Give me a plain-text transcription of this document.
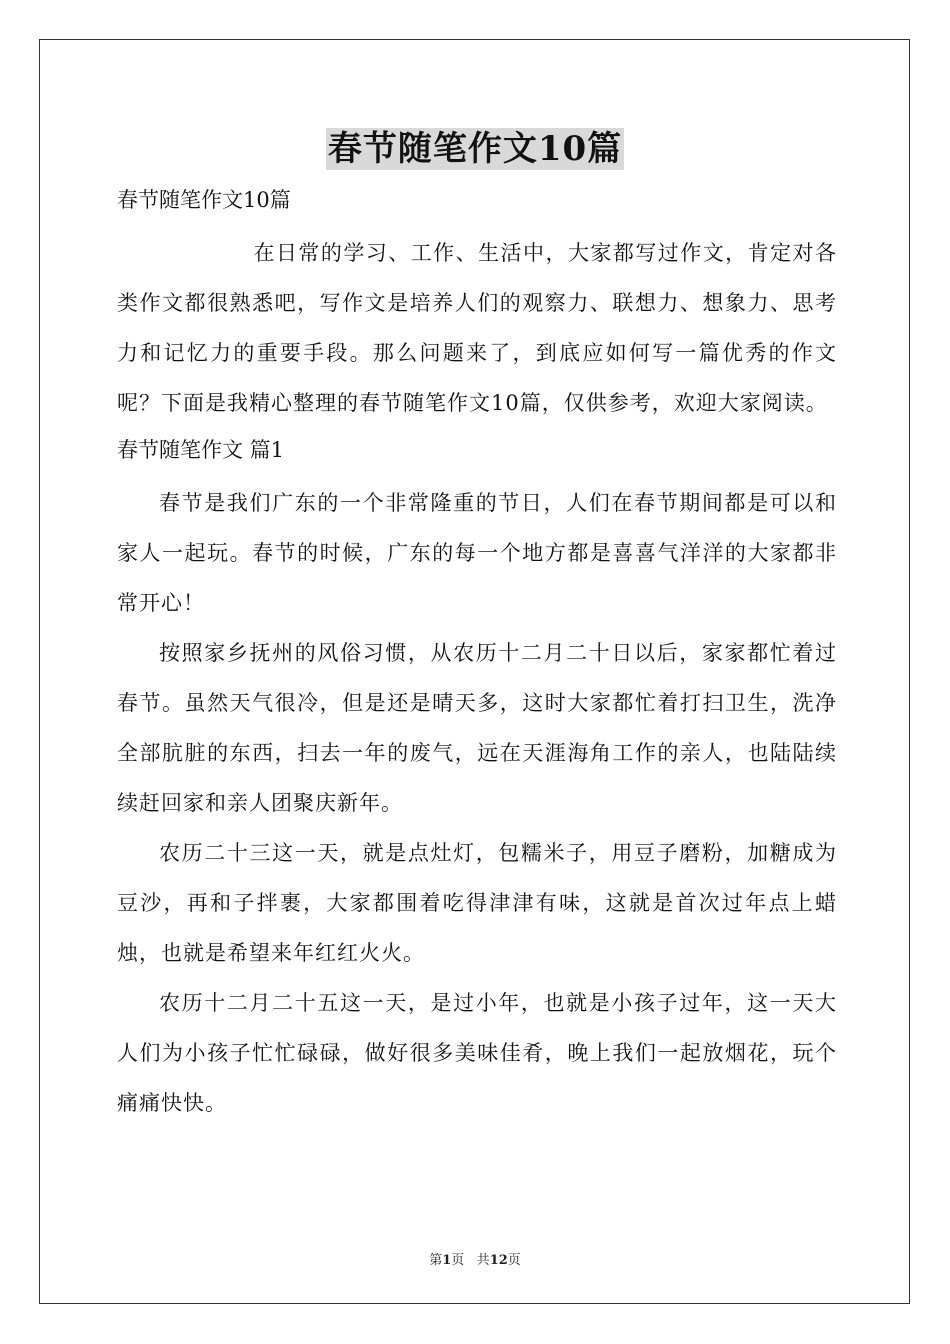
春节随笔作文10篇
春节随笔作文10篇

在日常的学习、工作、生活中，大家都写过作文，肯定对各类作文都很熟悉吧，写作文是培养人们的观察力、联想力、想象力、思考力和记忆力的重要手段。那么问题来了，到底应如何写一篇优秀的作文呢？下面是我精心整理的春节随笔作文10篇，仅供参考，欢迎大家阅读。

春节随笔作文 篇1

春节是我们广东的一个非常隆重的节日，人们在春节期间都是可以和家人一起玩。春节的时候，广东的每一个地方都是喜喜气洋洋的大家都非常开心！

按照家乡抚州的风俗习惯，从农历十二月二十日以后，家家都忙着过春节。虽然天气很冷，但是还是晴天多，这时大家都忙着打扫卫生，洗净全部肮脏的东西，扫去一年的废气，远在天涯海角工作的亲人，也陆陆续续赶回家和亲人团聚庆新年。

农历二十三这一天，就是点灶灯，包糯米子，用豆子磨粉，加糖成为豆沙，再和子拌裹，大家都围着吃得津津有味，这就是首次过年点上蜡烛，也就是希望来年红红火火。

农历十二月二十五这一天，是过小年，也就是小孩子过年，这一天大人们为小孩子忙忙碌碌，做好很多美味佳肴，晚上我们一起放烟花，玩个痛痛快快。

第1页 共12页
